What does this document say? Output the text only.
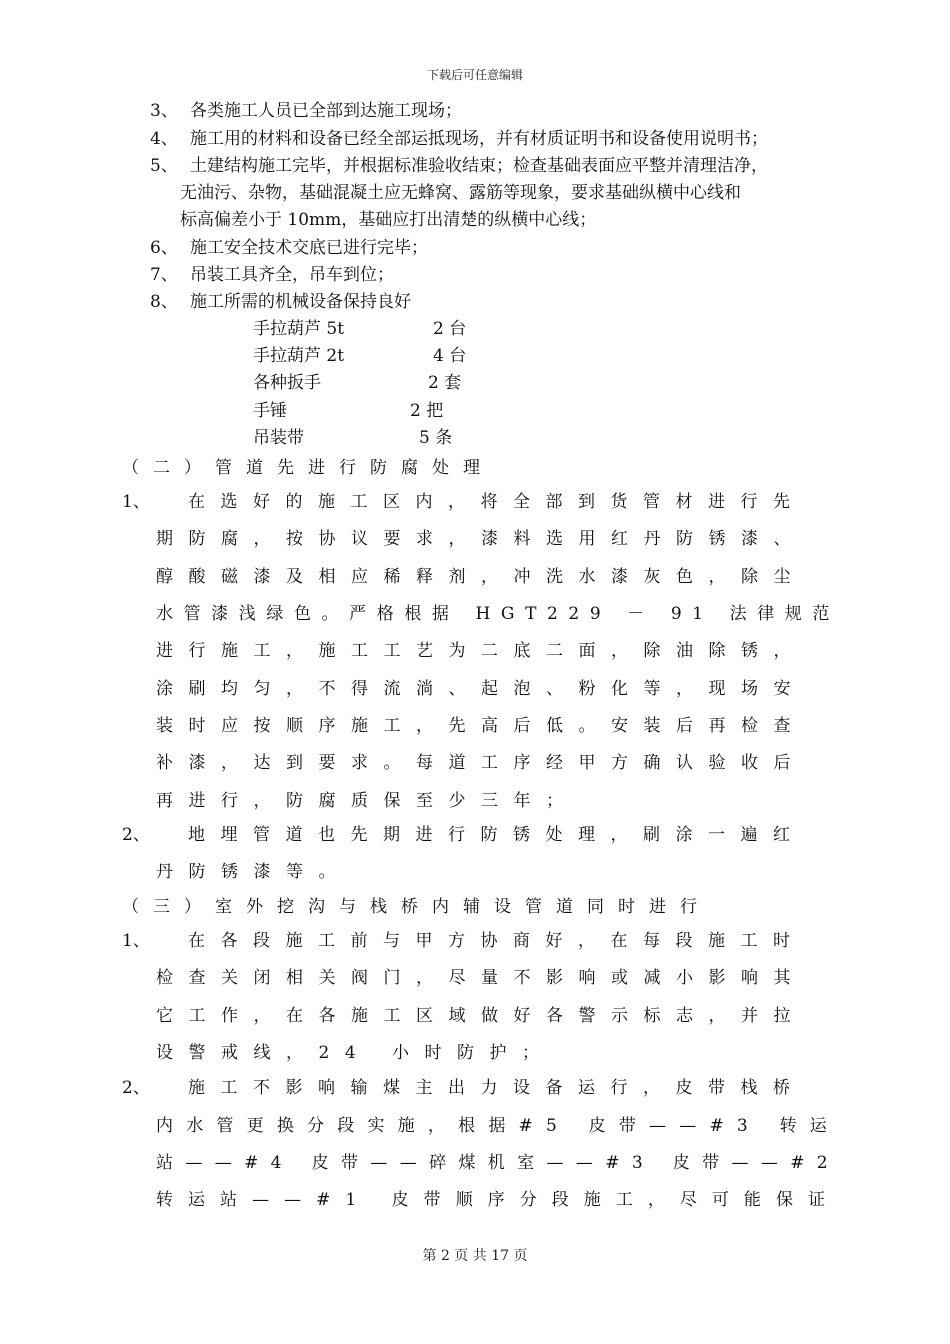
下载后可任意编辑
3、 各类施工人员已全部到达施工现场；
4、 施工用的材料和设备已经全部运抵现场，并有材质证明书和设备使用说明书；
5、 土建结构施工完毕，并根据标准验收结束；检查基础表面应平整并清理洁净，
无油污、杂物，基础混凝土应无蜂窝、露筋等现象，要求基础纵横中心线和
标高偏差小于 10mm，基础应打出清楚的纵横中心线；
6、 施工安全技术交底已进行完毕；
7、 吊装工具齐全，吊车到位；
8、 施工所需的机械设备保持良好
手拉葫芦 5t	2 台
手拉葫芦 2t	4 台
各种扳手	2 套
手锤	2 把
吊装带	5 条
（二）管道先进行防腐处理
1、 在选好的施工区内，将全部到货管材进行先
期防腐，按协议要求，漆料选用红丹防锈漆、
醇酸磁漆及相应稀释剂，冲洗水漆灰色，除尘
水管漆浅绿色。严格根据 HGT229 － 91 法律规范
进行施工，施工工艺为二底二面，除油除锈，
涂刷均匀，不得流淌、起泡、粉化等，现场安
装时应按顺序施工，先高后低。安装后再检查
补漆，达到要求。每道工序经甲方确认验收后
再进行，防腐质保至少三年；
2、 地埋管道也先期进行防锈处理，刷涂一遍红
丹防锈漆等。
（三）室外挖沟与栈桥内辅设管道同时进行
1、 在各段施工前与甲方协商好，在每段施工时
检查关闭相关阀门，尽量不影响或减小影响其
它工作，在各施工区域做好各警示标志，并拉
设警戒线，24 小时防护；
2、 施工不影响输煤主出力设备运行，皮带栈桥
内水管更换分段实施，根据#5 皮带——#3 转运
站——#4 皮带——碎煤机室——#3 皮带——#2
转运站——#1 皮带顺序分段施工，尽可能保证
第 2 页 共 17 页
